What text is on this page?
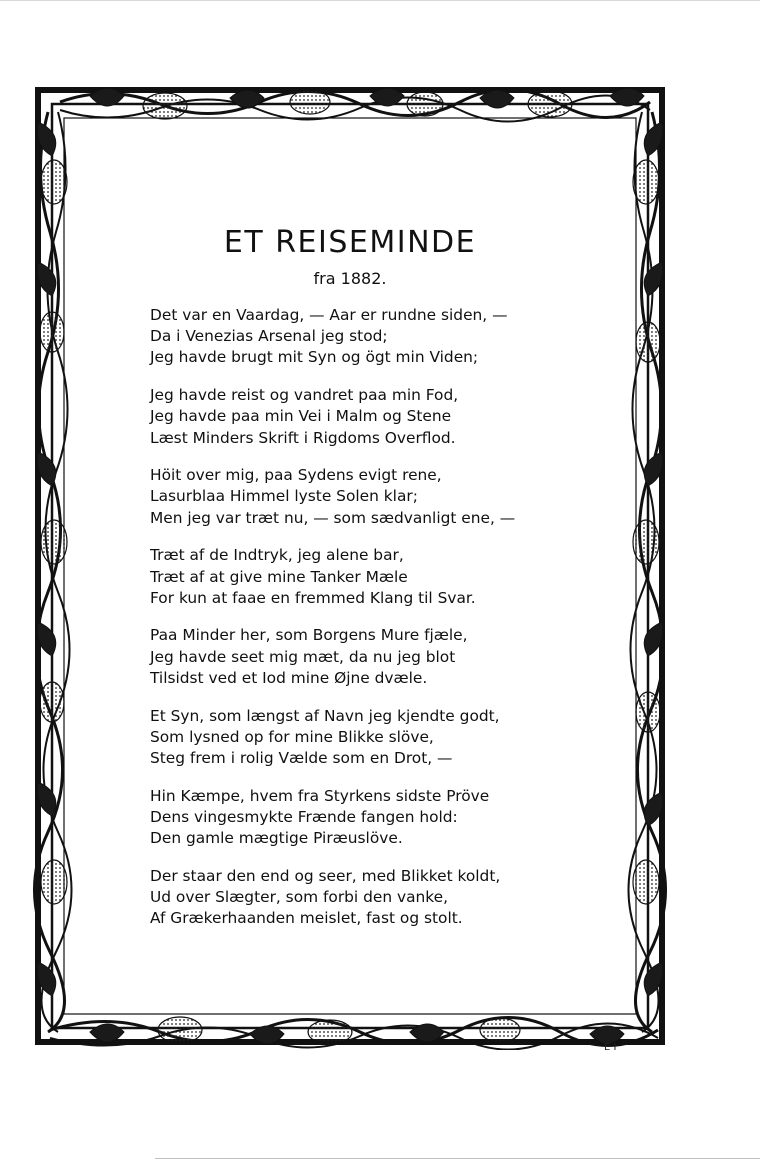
ET REISEMINDE
fra 1882.
Det var en Vaardag, — Aar er rundne siden, —
Da i Venezias Arsenal jeg stod;
Jeg havde brugt mit Syn og ögt min Viden;
Jeg havde reist og vandret paa min Fod,
Jeg havde paa min Vei i Malm og Stene
Læst Minders Skrift i Rigdoms Overflod.
Höit over mig, paa Sydens evigt rene,
Lasurblaa Himmel lyste Solen klar;
Men jeg var træt nu, — som sædvanligt ene, —
Træt af de Indtryk, jeg alene bar,
Træt af at give mine Tanker Mæle
For kun at faae en fremmed Klang til Svar.
Paa Minder her, som Borgens Mure fjæle,
Jeg havde seet mig mæt, da nu jeg blot
Tilsidst ved et Iod mine Øjne dvæle.
Et Syn, som længst af Navn jeg kjendte godt,
Som lysned op for mine Blikke slöve,
Steg frem i rolig Vælde som en Drot, —
Hin Kæmpe, hvem fra Styrkens sidste Pröve
Dens vingesmykte Frænde fangen hold:
Den gamle mægtige Piræuslöve.
Der staar den end og seer, med Blikket koldt,
Ud over Slægter, som forbi den vanke,
Af Grækerhaanden meislet, fast og stolt.
E I
